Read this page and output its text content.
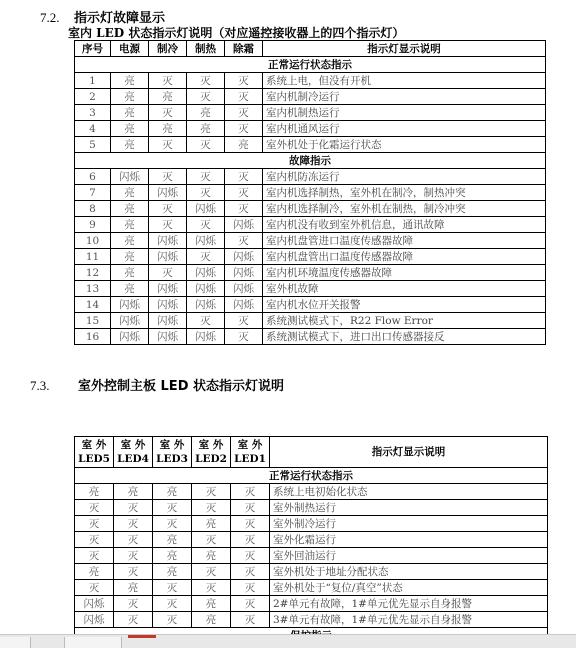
7.2. 指示灯故障显示
室内 LED 状态指示灯说明（对应遥控接收器上的四个指示灯）
序号	电源	制冷	制热	除霜	指示灯显示说明
正常运行状态指示					
1	亮	灭	灭	灭	系统上电，但没有开机
2	亮	亮	灭	灭	室内机制冷运行
3	亮	灭	亮	灭	室内机制热运行
4	亮	亮	亮	灭	室内机通风运行
5	亮	灭	灭	亮	室外机处于化霜运行状态
故障指示					
6	闪烁	灭	灭	灭	室内机防冻运行
7	亮	闪烁	灭	灭	室内机选择制热，室外机在制冷，制热冲突
8	亮	灭	闪烁	灭	室内机选择制冷，室外机在制热，制冷冲突
9	亮	灭	灭	闪烁	室内机没有收到室外机信息，通讯故障
10	亮	闪烁	闪烁	灭	室内机盘管进口温度传感器故障
11	亮	闪烁	灭	闪烁	室内机盘管出口温度传感器故障
12	亮	灭	闪烁	闪烁	室内机环境温度传感器故障
13	亮	闪烁	闪烁	闪烁	室外机故障
14	闪烁	闪烁	闪烁	闪烁	室内机水位开关报警
15	闪烁	闪烁	灭	灭	系统测试模式下，R22 Flow Error
16	闪烁	闪烁	闪烁	灭	系统测试模式下，进口出口传感器接反
7.3. 室外控制主板 LED 状态指示灯说明
室 外 LED5	室 外 LED4	室 外 LED3	室 外 LED2	室 外 LED1	指示灯显示说明
正常运行状态指示					
亮	亮	亮	灭	灭	系统上电初始化状态
灭	灭	灭	灭	灭	室外制热运行
灭	灭	灭	亮	灭	室外制冷运行
灭	灭	亮	灭	灭	室外化霜运行
灭	灭	亮	亮	灭	室外回油运行
亮	灭	亮	灭	灭	室外机处于地址分配状态
灭	亮	灭	灭	灭	室外机处于“复位/真空”状态
闪烁	灭	灭	亮	灭	2#单元有故障，1#单元优先显示自身报警
闪烁	灭	灭	亮	灭	3#单元有故障，1#单元优先显示自身报警
